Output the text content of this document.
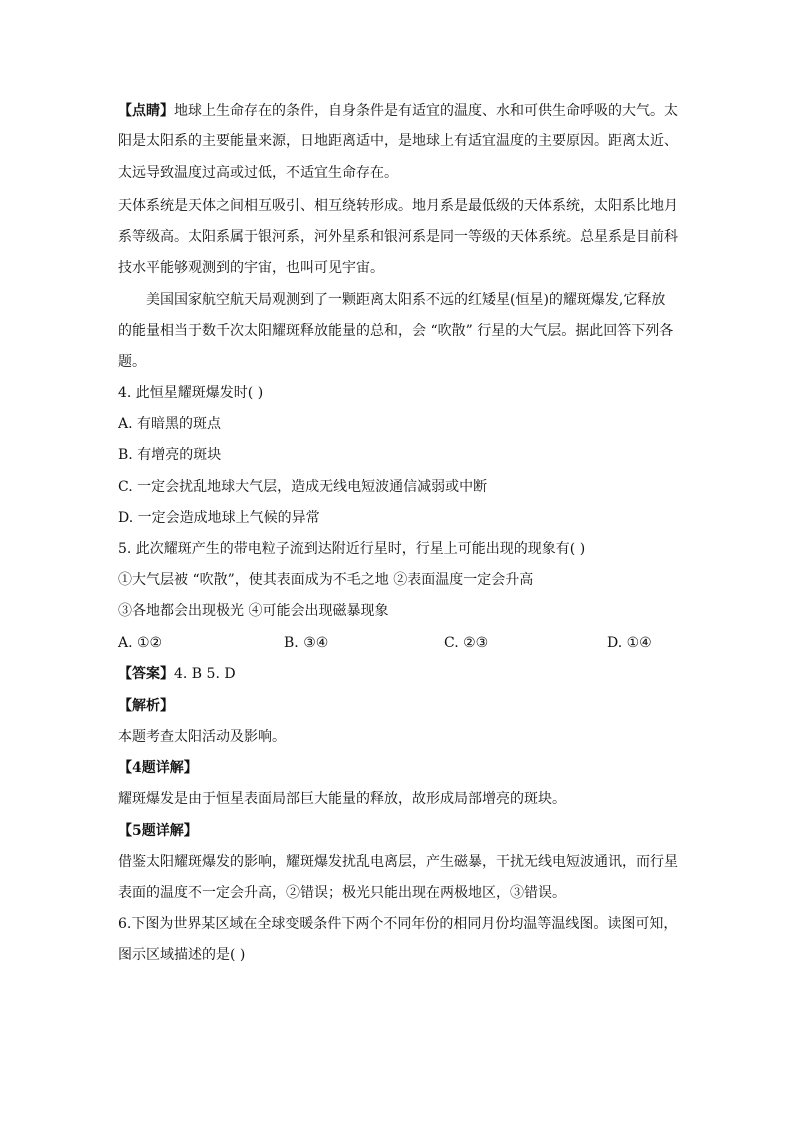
【点睛】地球上生命存在的条件，自身条件是有适宜的温度、水和可供生命呼吸的大气。太
阳是太阳系的主要能量来源，日地距离适中，是地球上有适宜温度的主要原因。距离太近、
太远导致温度过高或过低，不适宜生命存在。
天体系统是天体之间相互吸引、相互绕转形成。地月系是最低级的天体系统，太阳系比地月
系等级高。太阳系属于银河系，河外星系和银河系是同一等级的天体系统。总星系是目前科
技水平能够观测到的宇宙，也叫可见宇宙。
美国国家航空航天局观测到了一颗距离太阳系不远的红矮星(恒星)的耀斑爆发,它释放
的能量相当于数千次太阳耀斑释放能量的总和，会 “吹散” 行星的大气层。据此回答下列各
题。
4. 此恒星耀斑爆发时( )
A. 有暗黑的斑点
B. 有增亮的斑块
C. 一定会扰乱地球大气层，造成无线电短波通信减弱或中断
D. 一定会造成地球上气候的异常
5. 此次耀斑产生的带电粒子流到达附近行星时，行星上可能出现的现象有( )
①大气层被 “吹散”，使其表面成为不毛之地 ②表面温度一定会升高
③各地都会出现极光 ④可能会出现磁暴现象
A. ①②	B. ③④	C. ②③	D. ①④
【答案】4. B 5. D
【解析】
本题考查太阳活动及影响。
【4题详解】
耀斑爆发是由于恒星表面局部巨大能量的释放，故形成局部增亮的斑块。
【5题详解】
借鉴太阳耀斑爆发的影响，耀斑爆发扰乱电离层，产生磁暴，干扰无线电短波通讯，而行星
表面的温度不一定会升高，②错误；极光只能出现在两极地区，③错误。
6.下图为世界某区域在全球变暖条件下两个不同年份的相同月份均温等温线图。读图可知，
图示区域描述的是( )
